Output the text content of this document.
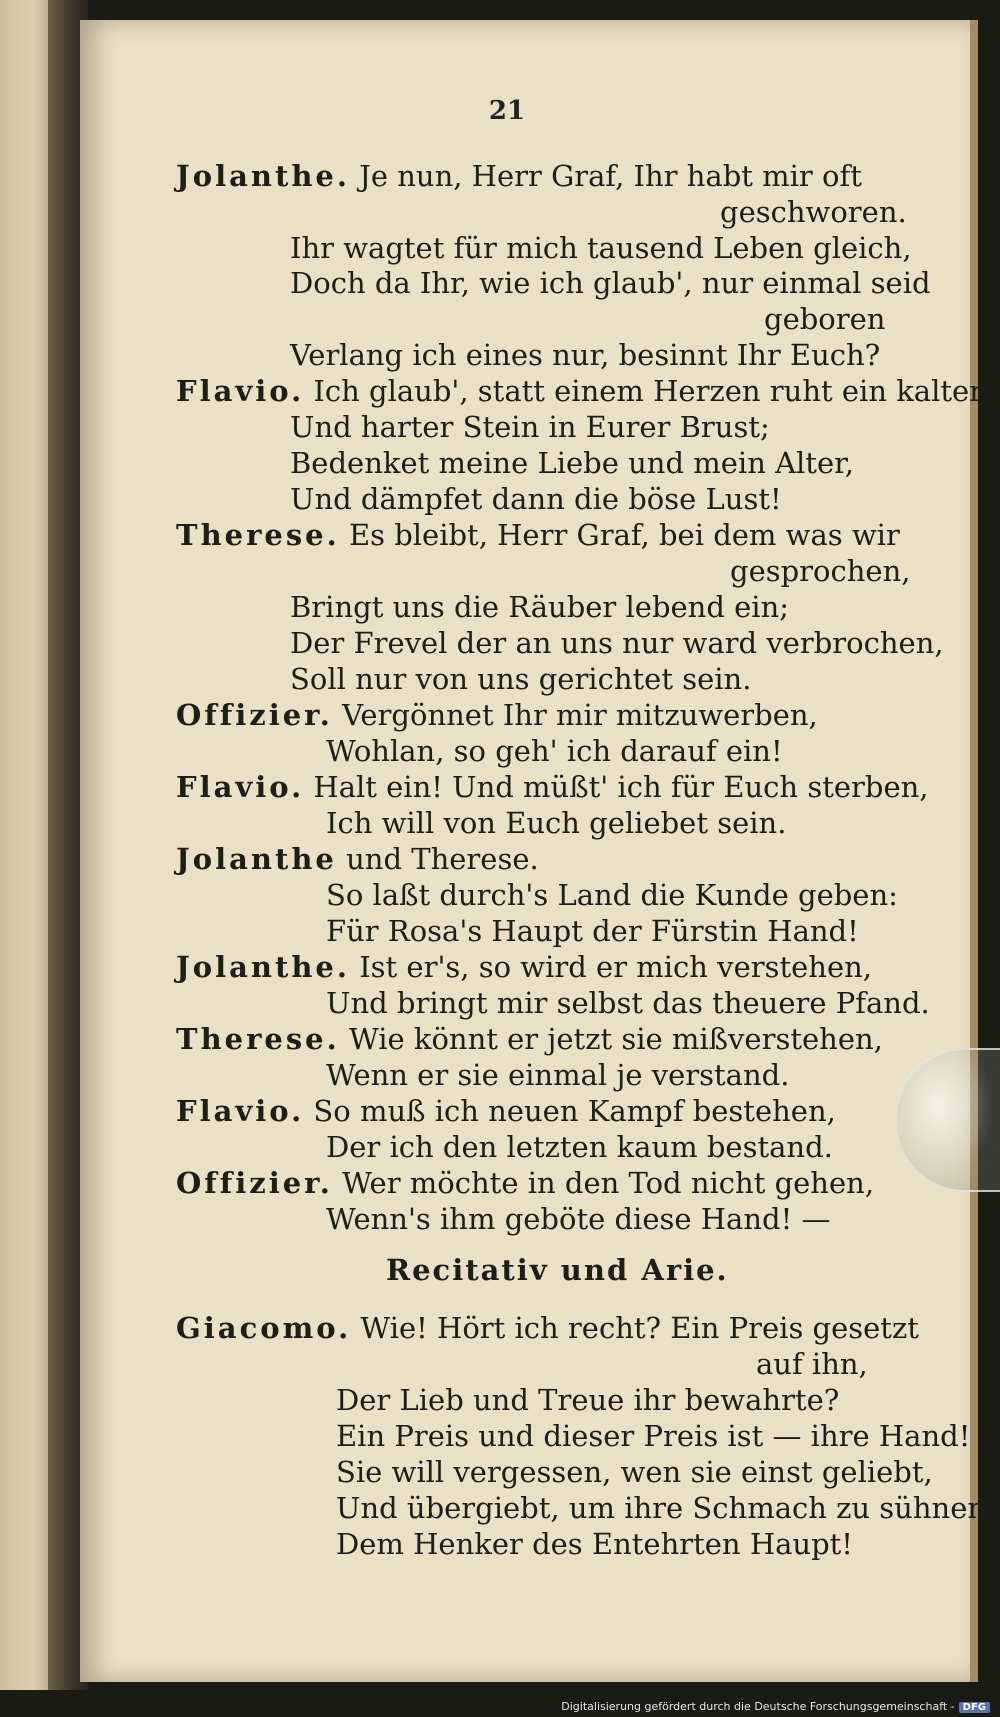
21
Jolanthe. Je nun, Herr Graf, Ihr habt mir oft
geschworen.
Ihr wagtet für mich tausend Leben gleich,
Doch da Ihr, wie ich glaub', nur einmal seid
geboren
Verlang ich eines nur, besinnt Ihr Euch?
Flavio. Ich glaub', statt einem Herzen ruht ein kalter
Und harter Stein in Eurer Brust;
Bedenket meine Liebe und mein Alter,
Und dämpfet dann die böse Lust!
Therese. Es bleibt, Herr Graf, bei dem was wir
gesprochen,
Bringt uns die Räuber lebend ein;
Der Frevel der an uns nur ward verbrochen,
Soll nur von uns gerichtet sein.
Offizier. Vergönnet Ihr mir mitzuwerben,
Wohlan, so geh' ich darauf ein!
Flavio. Halt ein! Und müßt' ich für Euch sterben,
Ich will von Euch geliebet sein.
Jolanthe und Therese.
So laßt durch's Land die Kunde geben:
Für Rosa's Haupt der Fürstin Hand!
Jolanthe. Ist er's, so wird er mich verstehen,
Und bringt mir selbst das theuere Pfand.
Therese. Wie könnt er jetzt sie mißverstehen,
Wenn er sie einmal je verstand.
Flavio. So muß ich neuen Kampf bestehen,
Der ich den letzten kaum bestand.
Offizier. Wer möchte in den Tod nicht gehen,
Wenn's ihm geböte diese Hand! —
Recitativ und Arie.
Giacomo. Wie! Hört ich recht? Ein Preis gesetzt
auf ihn,
Der Lieb und Treue ihr bewahrte?
Ein Preis und dieser Preis ist — ihre Hand!
Sie will vergessen, wen sie einst geliebt,
Und übergiebt, um ihre Schmach zu sühnen,
Dem Henker des Entehrten Haupt!
Digitalisierung gefördert durch die Deutsche Forschungsgemeinschaft - DFG
